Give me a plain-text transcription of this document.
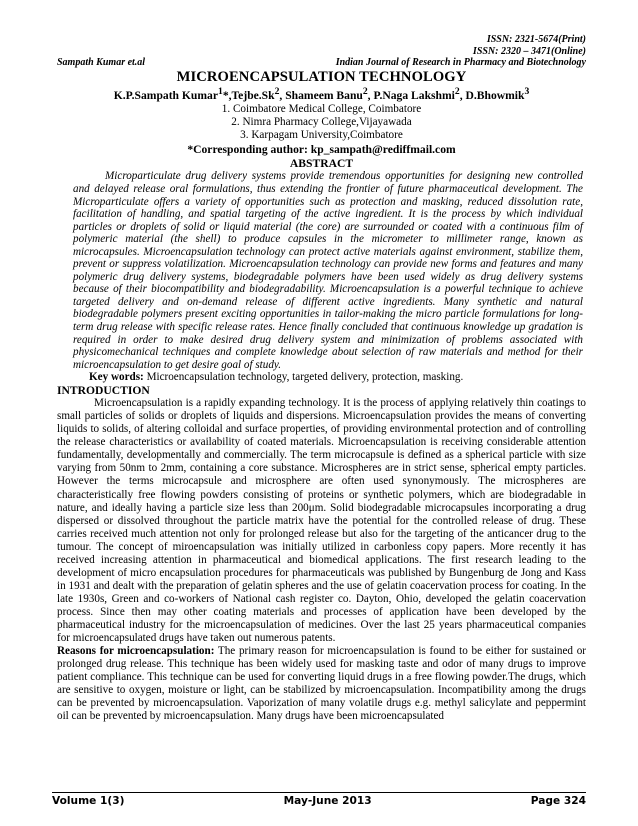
ISSN: 2321-5674(Print)
ISSN: 2320 – 3471(Online)
Sampath Kumar et.al	Indian Journal of Research in Pharmacy and Biotechnology
MICROENCAPSULATION TECHNOLOGY
K.P.Sampath Kumar$^1$*,Tejbe.Sk$^2$, Shameem Banu$^2$, P.Naga Lakshmi$^2$, D.Bhowmik$^3$
1. Coimbatore Medical College, Coimbatore
2. Nimra Pharmacy College,Vijayawada
3. Karpagam University,Coimbatore
*Corresponding author: kp_sampath@rediffmail.com
ABSTRACT

Microparticulate drug delivery systems provide tremendous opportunities for designing new controlled and delayed release oral formulations, thus extending the frontier of future pharmaceutical development. The Microparticulate offers a variety of opportunities such as protection and masking, reduced dissolution rate, facilitation of handling, and spatial targeting of the active ingredient. It is the process by which individual particles or droplets of solid or liquid material (the core) are surrounded or coated with a continuous film of polymeric material (the shell) to produce capsules in the micrometer to millimeter range, known as microcapsules. Microencapsulation technology can protect active materials against environment, stabilize them, prevent or suppress volatilization. Microencapsulation technology can provide new forms and features and many polymeric drug delivery systems, biodegradable polymers have been used widely as drug delivery systems because of their biocompatibility and biodegradability. Microencapsulation is a powerful technique to achieve targeted delivery and on-demand release of different active ingredients. Many synthetic and natural biodegradable polymers present exciting opportunities in tailor-making the micro particle formulations for long-term drug release with specific release rates. Hence finally concluded that continuous knowledge up gradation is required in order to make desired drug delivery system and minimization of problems associated with physicomechanical techniques and complete knowledge about selection of raw materials and method for their microencapsulation to get desire goal of study.

Key words: Microencapsulation technology, targeted delivery, protection, masking.

INTRODUCTION

Microencapsulation is a rapidly expanding technology. It is the process of applying relatively thin coatings to small particles of solids or droplets of liquids and dispersions. Microencapsulation provides the means of converting liquids to solids, of altering colloidal and surface properties, of providing environmental protection and of controlling the release characteristics or availability of coated materials. Microencapsulation is receiving considerable attention fundamentally, developmentally and commercially. The term microcapsule is defined as a spherical particle with size varying from 50nm to 2mm, containing a core substance. Microspheres are in strict sense, spherical empty particles. However the terms microcapsule and microsphere are often used synonymously. The microspheres are characteristically free flowing powders consisting of proteins or synthetic polymers, which are biodegradable in nature, and ideally having a particle size less than 200μm. Solid biodegradable microcapsules incorporating a drug dispersed or dissolved throughout the particle matrix have the potential for the controlled release of drug. These carries received much attention not only for prolonged release but also for the targeting of the anticancer drug to the tumour. The concept of miroencapsulation was initially utilized in carbonless copy papers. More recently it has received increasing attention in pharmaceutical and biomedical applications. The first research leading to the development of micro encapsulation procedures for pharmaceuticals was published by Bungenburg de Jong and Kass in 1931 and dealt with the preparation of gelatin spheres and the use of gelatin coacervation process for coating. In the late 1930s, Green and co-workers of National cash register co. Dayton, Ohio, developed the gelatin coacervation process. Since then may other coating materials and processes of application have been developed by the pharmaceutical industry for the microencapsulation of medicines. Over the last 25 years pharmaceutical companies for microencapsulated drugs have taken out numerous patents.

Reasons for microencapsulation: The primary reason for microencapsulation is found to be either for sustained or prolonged drug release. This technique has been widely used for masking taste and odor of many drugs to improve patient compliance. This technique can be used for converting liquid drugs in a free flowing powder.The drugs, which are sensitive to oxygen, moisture or light, can be stabilized by microencapsulation. Incompatibility among the drugs can be prevented by microencapsulation. Vaporization of many volatile drugs e.g. methyl salicylate and peppermint oil can be prevented by microencapsulation. Many drugs have been microencapsulated

Volume 1(3)	May-June 2013	Page 324
